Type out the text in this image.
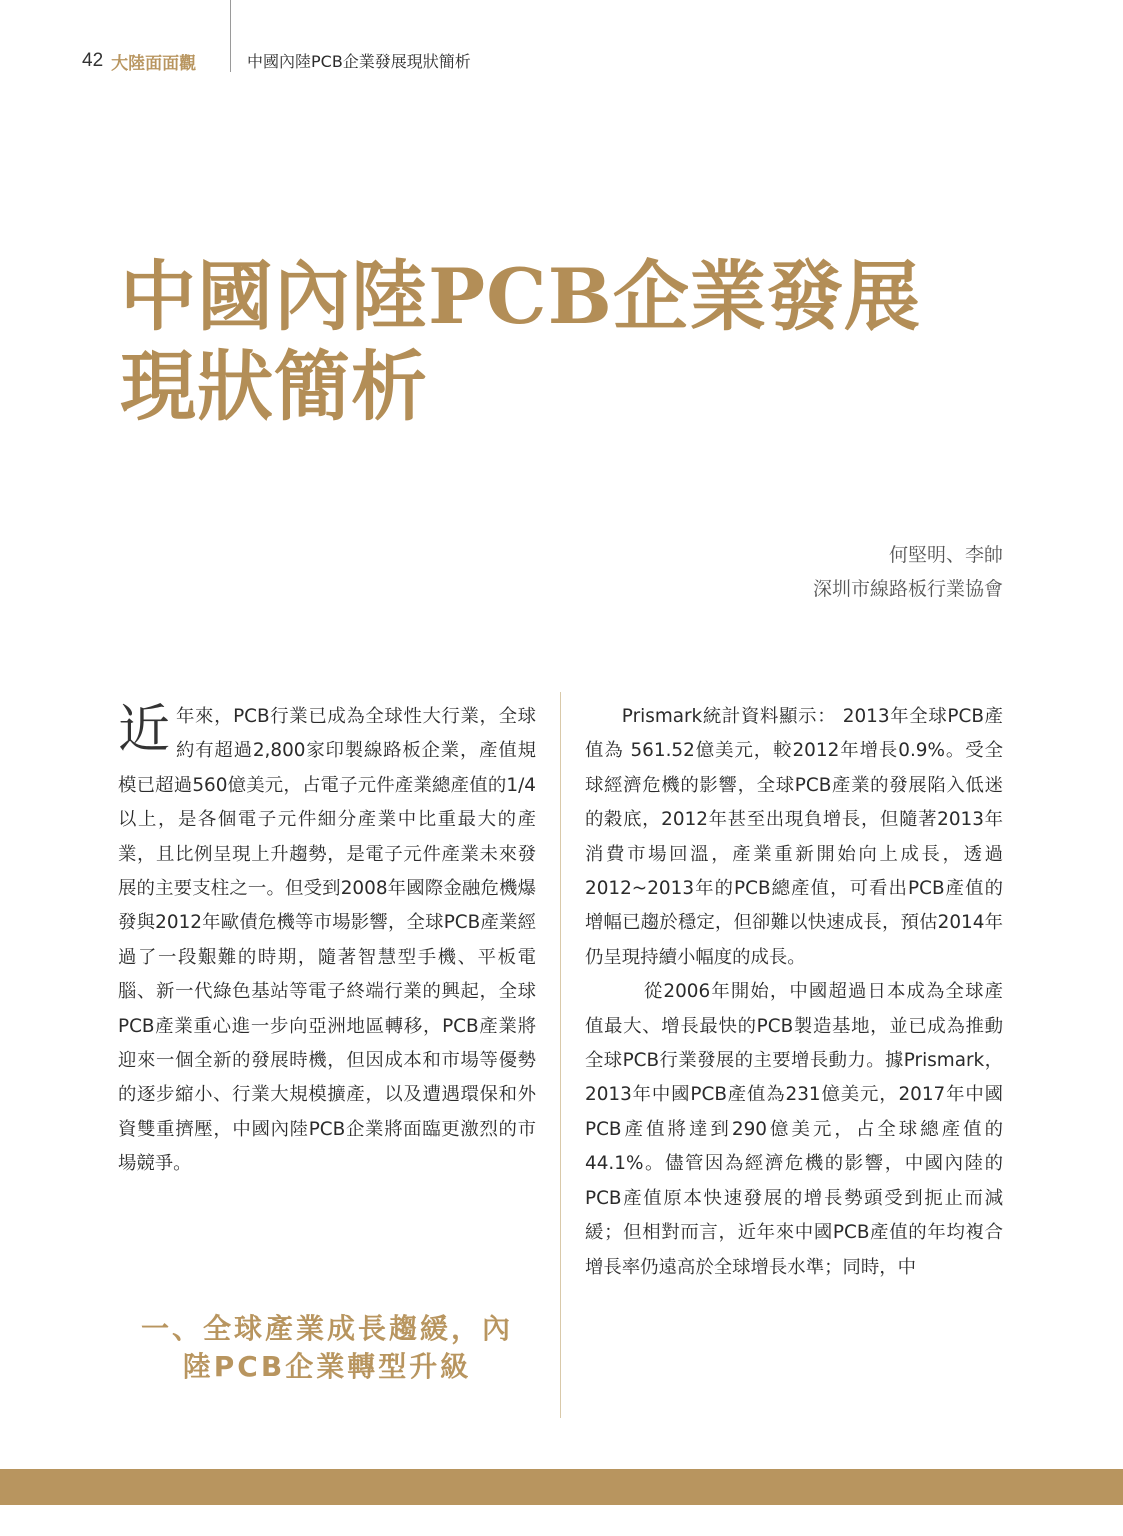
42 大陸面面觀	中國內陸PCB企業發展現狀簡析
中國內陸PCB企業發展
現狀簡析
何堅明、李帥
深圳市線路板行業協會

近年來，PCB行業已成為全球性大行業，全球約有超過2,800家印製線路板企業，產值規模已超過560億美元，占電子元件產業總產值的1/4以上，是各個電子元件細分產業中比重最大的產業，且比例呈現上升趨勢，是電子元件產業未來發展的主要支柱之一。但受到2008年國際金融危機爆發與2012年歐債危機等市場影響，全球PCB產業經過了一段艱難的時期，隨著智慧型手機、平板電腦、新一代綠色基站等電子終端行業的興起，全球PCB產業重心進一步向亞洲地區轉移，PCB產業將迎來一個全新的發展時機，但因成本和市場等優勢的逐步縮小、行業大規模擴產，以及遭遇環保和外資雙重擠壓，中國內陸PCB企業將面臨更激烈的市場競爭。

Prismark統計資料顯示： 2013年全球PCB產值為 561.52億美元，較2012年增長0.9%。受全球經濟危機的影響，全球PCB產業的發展陷入低迷的穀底，2012年甚至出現負增長，但隨著2013年消費市場回溫，產業重新開始向上成長，透過2012~2013年的PCB總產值，可看出PCB產值的增幅已趨於穩定，但卻難以快速成長，預估2014年仍呈現持續小幅度的成長。

從2006年開始，中國超過日本成為全球產值最大、增長最快的PCB製造基地，並已成為推動全球PCB行業發展的主要增長動力。據Prismark，2013年中國PCB產值為231億美元，2017年中國PCB產值將達到290億美元，占全球總產值的44.1%。儘管因為經濟危機的影響，中國內陸的PCB產值原本快速發展的增長勢頭受到扼止而減緩；但相對而言，近年來中國PCB產值的年均複合增長率仍遠高於全球增長水準；同時，中

一、全球產業成長趨緩，內
陸PCB企業轉型升級
